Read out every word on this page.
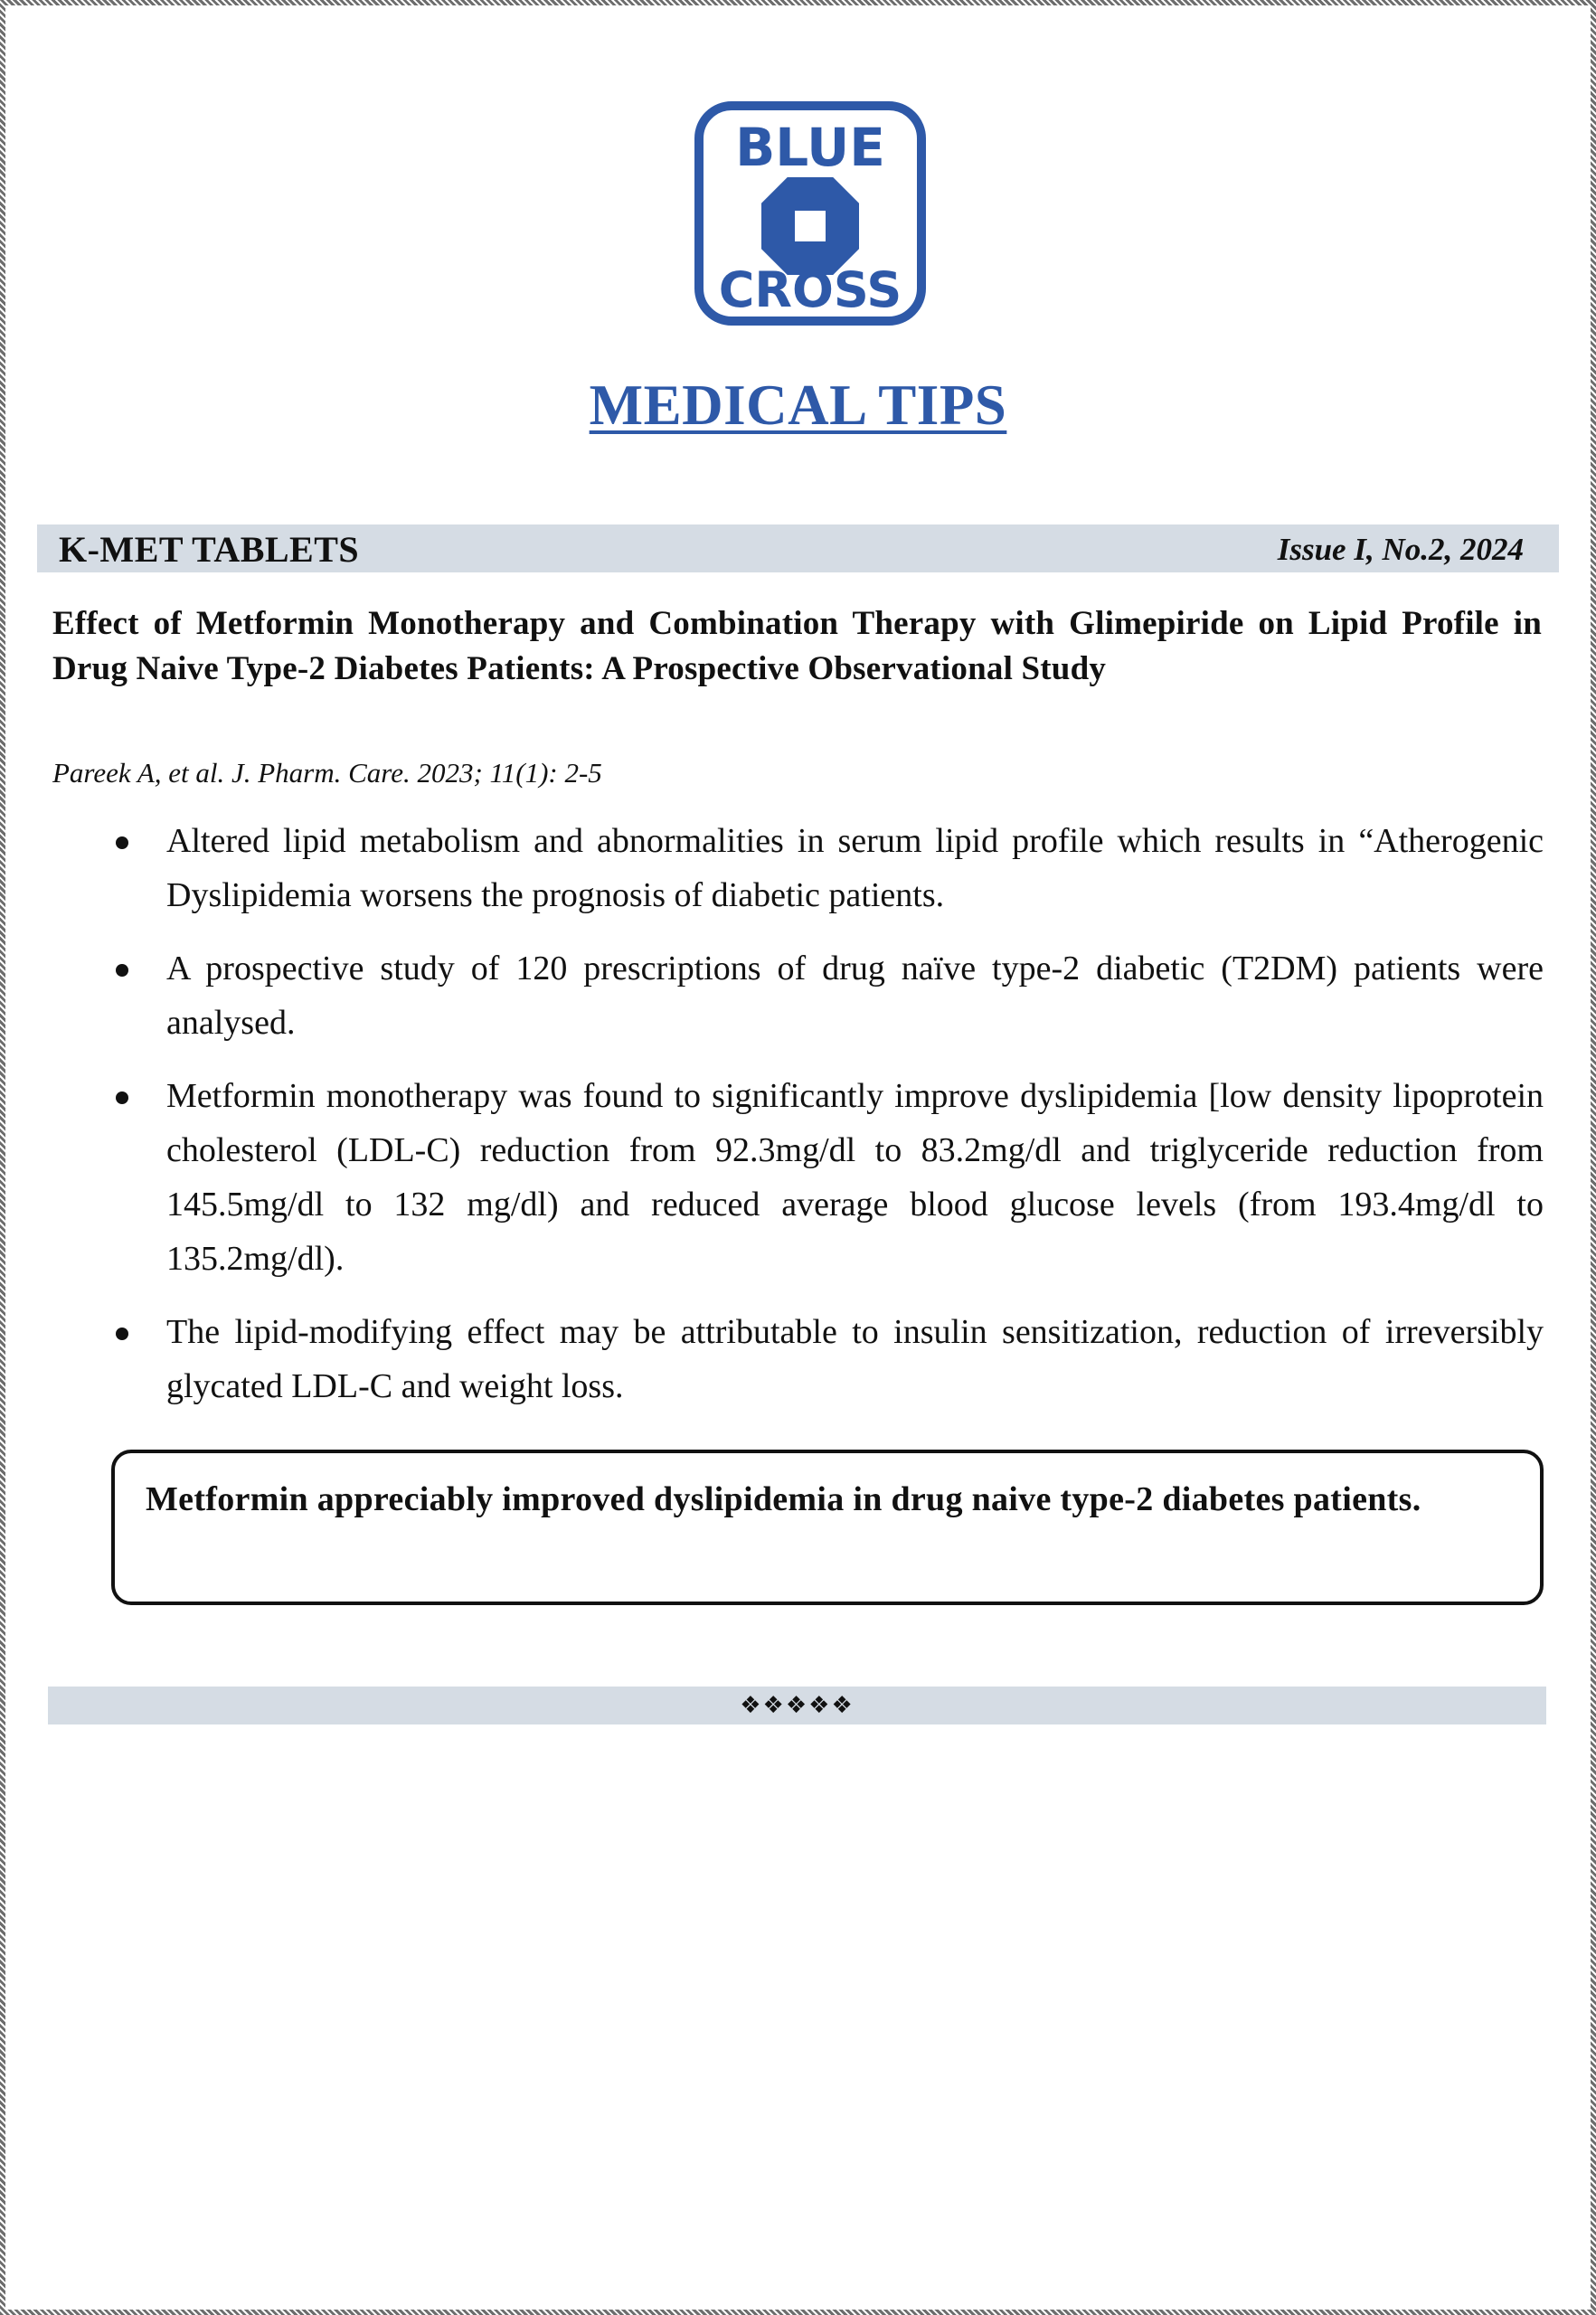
BLUE
CROSS
MEDICAL TIPS
K-MET TABLETS	Issue I, No.2, 2024
Effect of Metformin Monotherapy and Combination Therapy with Glimepiride on Lipid Profile in Drug Naive Type-2 Diabetes Patients: A Prospective Observational Study
Pareek A, et al. J. Pharm. Care. 2023; 11(1): 2-5
Altered lipid metabolism and abnormalities in serum lipid profile which results in “Atherogenic Dyslipidemia worsens the prognosis of diabetic patients.
A prospective study of 120 prescriptions of drug naïve type-2 diabetic (T2DM) patients were analysed.
Metformin monotherapy was found to significantly improve dyslipidemia [low density lipoprotein cholesterol (LDL-C) reduction from 92.3mg/dl to 83.2mg/dl and triglyceride reduction from 145.5mg/dl to 132 mg/dl) and reduced average blood glucose levels (from 193.4mg/dl to 135.2mg/dl).
The lipid-modifying effect may be attributable to insulin sensitization, reduction of irreversibly glycated LDL-C and weight loss.
Metformin appreciably improved dyslipidemia in drug naive type-2 diabetes patients.
❖❖❖❖❖
